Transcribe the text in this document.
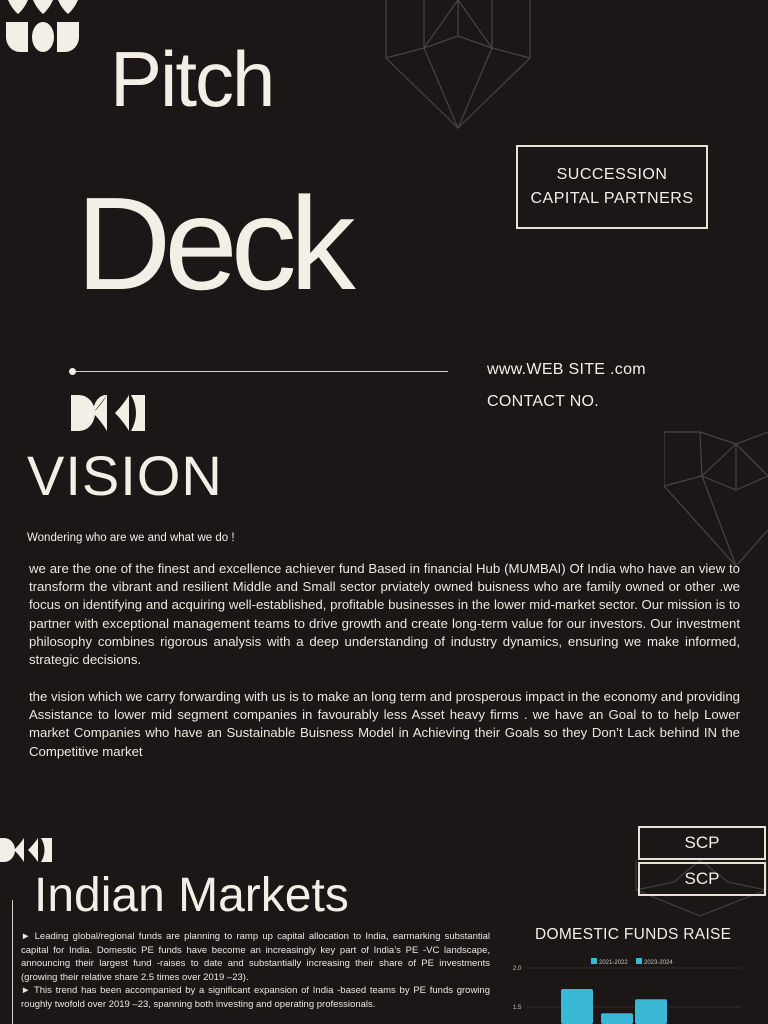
Pitch
Deck	SUCCESSION
CAPITAL PARTNERS
www.WEB SITE .com
CONTACT NO.
VISION
Wondering who are we and what we do !
we are the one of the finest and excellence achiever fund Based in financial Hub (MUMBAI) Of India who have an view to transform the vibrant and resilient Middle and Small sector prviately owned buisness who are family owned or other .we focus on identifying and acquiring well-established, profitable businesses in the lower mid-market sector. Our mission is to partner with exceptional management teams to drive growth and create long-term value for our investors. Our investment philosophy combines rigorous analysis with a deep understanding of industry dynamics, ensuring we make informed, strategic decisions.
the vision which we carry forwarding with us is to make an long term and prosperous impact in the economy and providing Assistance to lower mid segment companies in favourably less Asset heavy firms . we have an Goal to to help Lower market Companies who have an Sustainable Buisness Model in Achieving their Goals so they Don’t Lack behind IN the Competitive market
SCP
SCP
Indian Markets
► Leading global/regional funds are planning to ramp up capital allocation to India, earmarking substantial capital for India. Domestic PE funds have become an increasingly key part of India’s PE -VC landscape, announcing their largest fund -raises to date and substantially increasing their share of PE investments (growing their relative share 2.5 times over 2019 –23).
► This trend has been accompanied by a significant expansion of India -based teams by PE funds growing roughly twofold over 2019 –23, spanning both investing and operating professionals.
DOMESTIC FUNDS RAISE
2021-2022	2023-2024
2.0
1.5
